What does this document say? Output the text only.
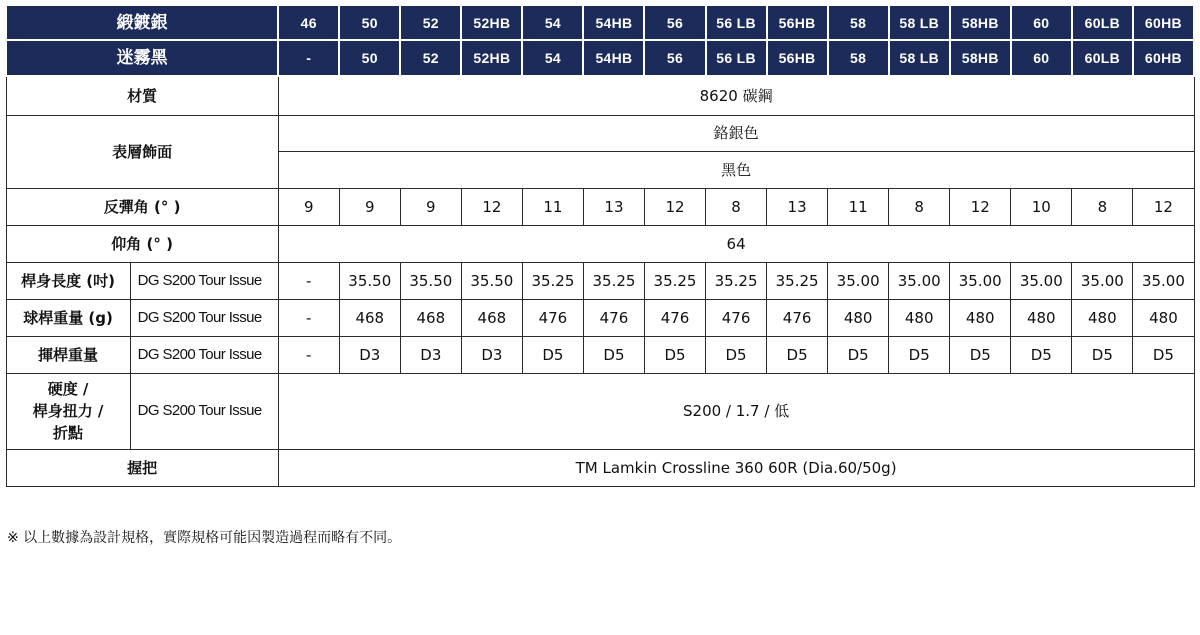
緞鍍銀		46	50	52	52HB	54	54HB	56	56 LB	56HB	58	58 LB	58HB	60	60LB	60HB
迷霧黑		-	50	52	52HB	54	54HB	56	56 LB	56HB	58	58 LB	58HB	60	60LB	60HB
材質		8620 碳鋼														
表層飾面		鉻銀色														
		黑色														
反彈角 (° )		9	9	9	12	11	13	12	8	13	11	8	12	10	8	12
仰角 (° )		64														
桿身長度 (吋)	DG S200 Tour Issue	-	35.50	35.50	35.50	35.25	35.25	35.25	35.25	35.25	35.00	35.00	35.00	35.00	35.00	35.00
球桿重量 (g)	DG S200 Tour Issue	-	468	468	468	476	476	476	476	476	480	480	480	480	480	480
揮桿重量	DG S200 Tour Issue	-	D3	D3	D3	D5	D5	D5	D5	D5	D5	D5	D5	D5	D5	D5

硬度 /
桿身扭力 /
折點	DG S200 Tour Issue	S200 / 1.7 / 低														
握把		TM Lamkin Crossline 360 60R (Dia.60/50g)														
※ 以上數據為設計規格，實際規格可能因製造過程而略有不同。
